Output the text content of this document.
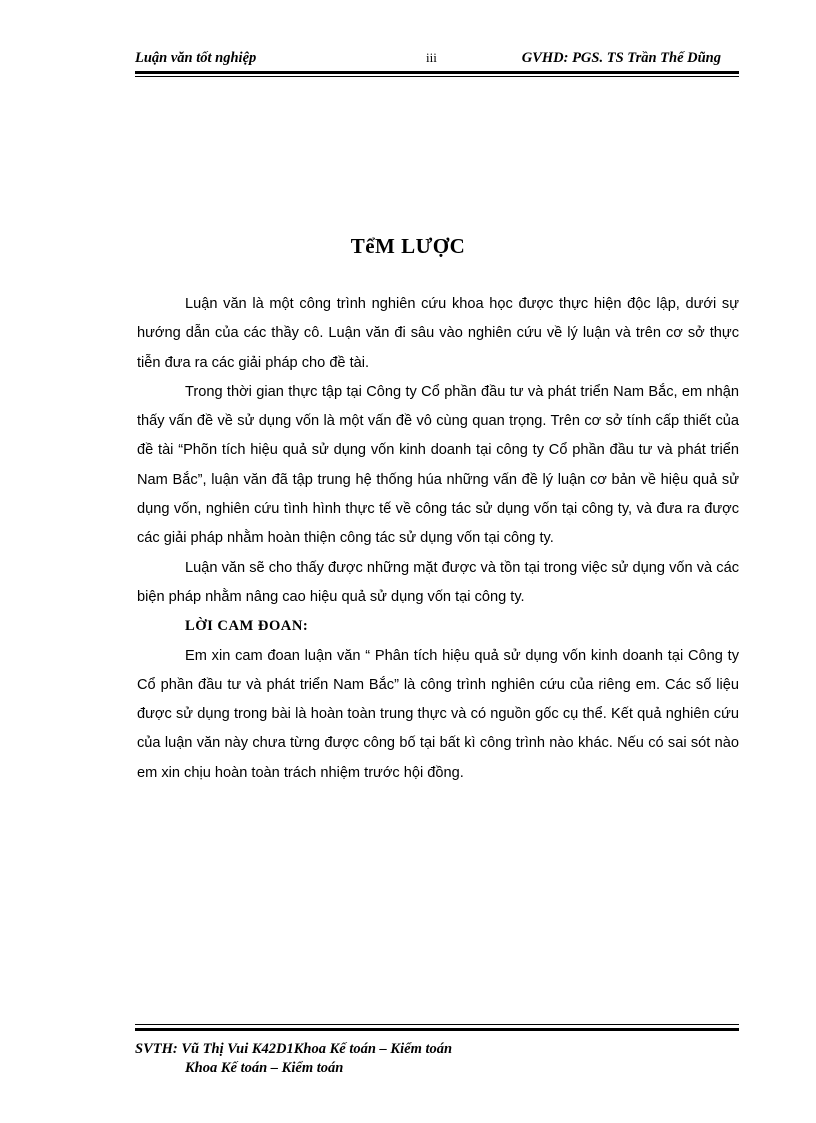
Luận văn tốt nghiệp	iii	GVHD: PGS. TS Trần Thế Dũng
TểM LƯỢC

Luận văn là một công trình nghiên cứu khoa học được thực hiện độc lập, dưới sự hướng dẫn của các thầy cô. Luận văn đi sâu vào nghiên cứu về lý luận và trên cơ sở thực tiễn đưa ra các giải pháp cho đề tài.

Trong thời gian thực tập tại Công ty Cổ phần đầu tư và phát triển Nam Bắc, em nhận thấy vấn đề về sử dụng vốn là một vấn đề vô cùng quan trọng. Trên cơ sở tính cấp thiết của đề tài “Phõn tích hiệu quả sử dụng vốn kinh doanh tại công ty Cổ phần đầu tư và phát triển Nam Bắc”, luận văn đã tập trung hệ thống húa những vấn đề lý luận cơ bản về hiệu quả sử dụng vốn, nghiên cứu tình hình thực tế về công tác sử dụng vốn tại công ty, và đưa ra được các giải pháp nhằm hoàn thiện công tác sử dụng vốn tại công ty.

Luận văn sẽ cho thấy được những mặt được và tồn tại trong việc sử dụng vốn và các biện pháp nhằm nâng cao hiệu quả sử dụng vốn tại công ty.

LỜI CAM ĐOAN:

Em xin cam đoan luận văn “ Phân tích hiệu quả sử dụng vốn kinh doanh tại Công ty Cổ phần đầu tư và phát triển Nam Bắc” là công trình nghiên cứu của riêng em. Các số liệu được sử dụng trong bài là hoàn toàn trung thực và có nguồn gốc cụ thể. Kết quả nghiên cứu của luận văn này chưa từng được công bố tại bất kì công trình nào khác. Nếu có sai sót nào em xin chịu hoàn toàn trách nhiệm trước hội đồng.

SVTH: Vũ Thị Vui K42D1Khoa Kế toán – Kiểm toán
Khoa Kế toán – Kiểm toán
